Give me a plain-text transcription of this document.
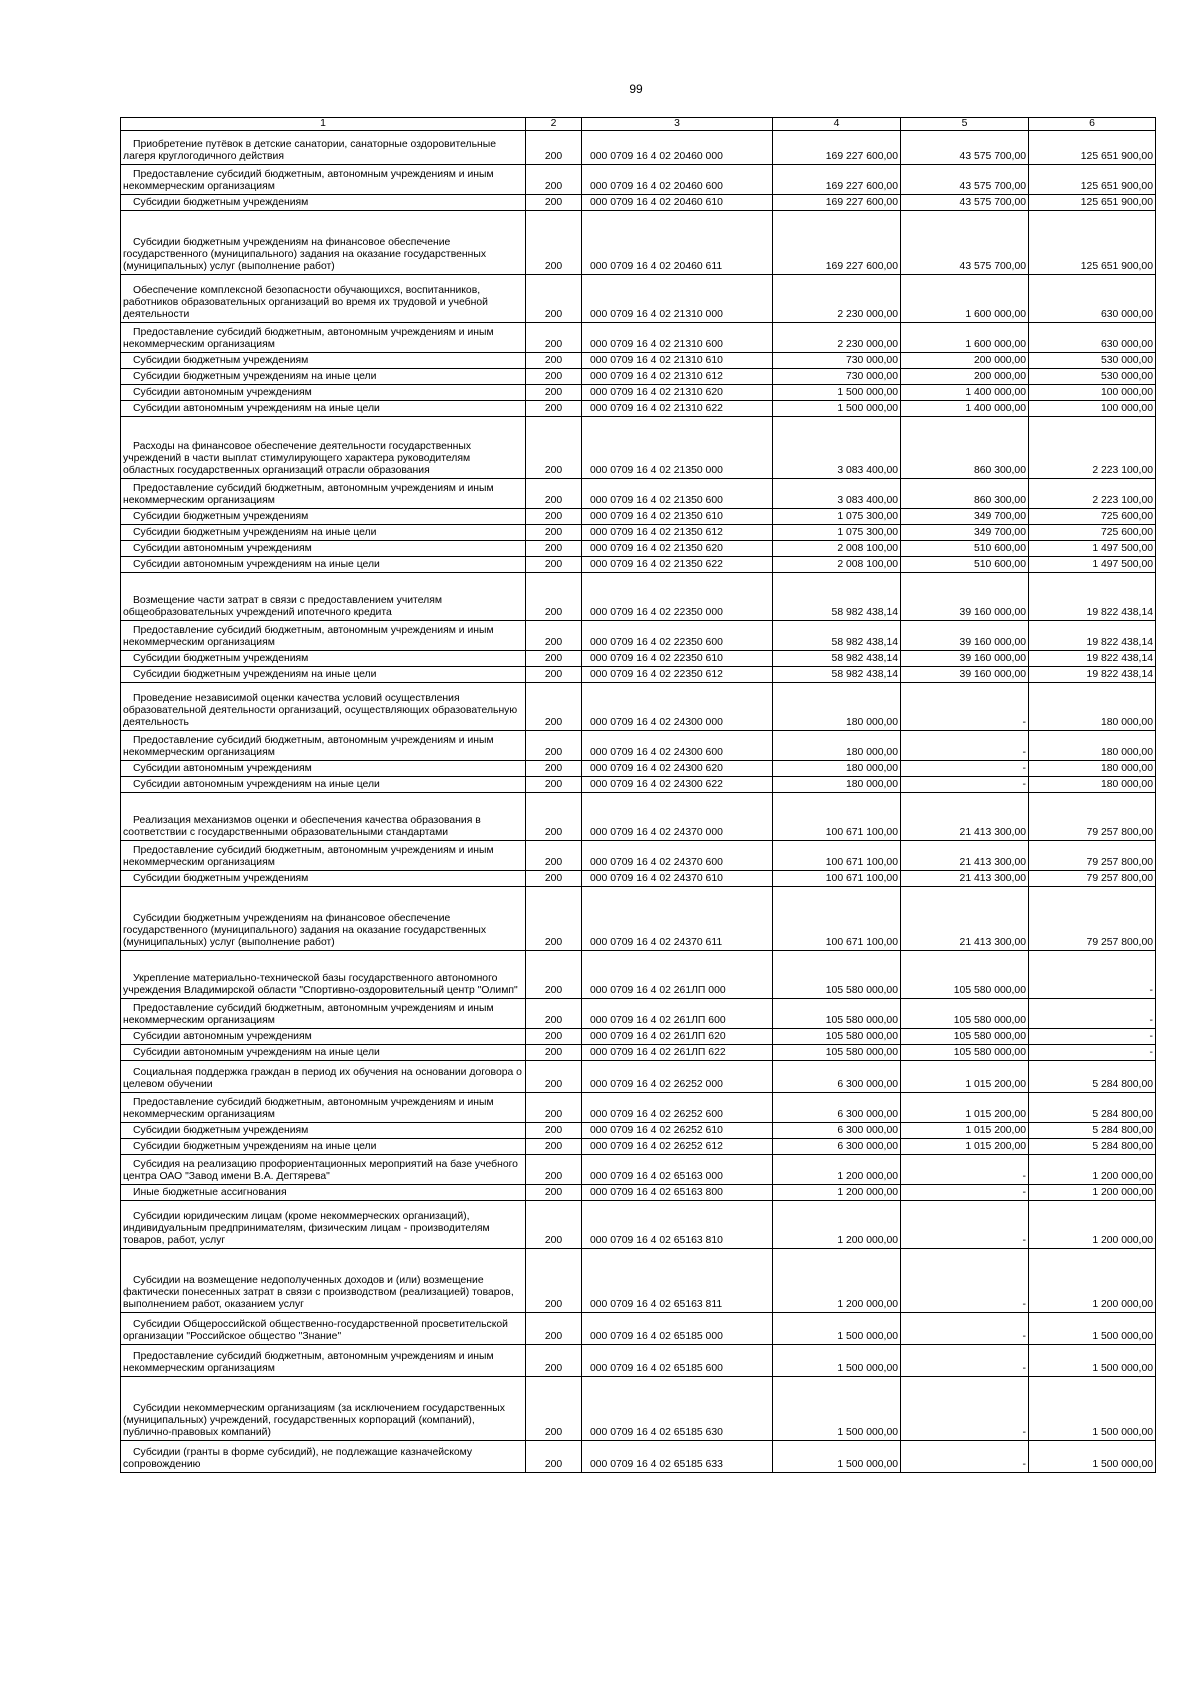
99
1	2	3	4	5	6
Приобретение путёвок в детские санатории, санаторные оздоровительные лагеря круглогодичного действия	200	000 0709 16 4 02 20460 000	169 227 600,00	43 575 700,00	125 651 900,00
Предоставление субсидий бюджетным, автономным учреждениям и иным некоммерческим организациям	200	000 0709 16 4 02 20460 600	169 227 600,00	43 575 700,00	125 651 900,00
Субсидии бюджетным учреждениям	200	000 0709 16 4 02 20460 610	169 227 600,00	43 575 700,00	125 651 900,00
Субсидии бюджетным учреждениям на финансовое обеспечение государственного (муниципального) задания на оказание государственных (муниципальных) услуг (выполнение работ)	200	000 0709 16 4 02 20460 611	169 227 600,00	43 575 700,00	125 651 900,00
Обеспечение комплексной безопасности обучающихся, воспитанников, работников образовательных организаций во время их трудовой и учебной деятельности	200	000 0709 16 4 02 21310 000	2 230 000,00	1 600 000,00	630 000,00
Предоставление субсидий бюджетным, автономным учреждениям и иным некоммерческим организациям	200	000 0709 16 4 02 21310 600	2 230 000,00	1 600 000,00	630 000,00
Субсидии бюджетным учреждениям	200	000 0709 16 4 02 21310 610	730 000,00	200 000,00	530 000,00
Субсидии бюджетным учреждениям на иные цели	200	000 0709 16 4 02 21310 612	730 000,00	200 000,00	530 000,00
Субсидии автономным учреждениям	200	000 0709 16 4 02 21310 620	1 500 000,00	1 400 000,00	100 000,00
Субсидии автономным учреждениям на иные цели	200	000 0709 16 4 02 21310 622	1 500 000,00	1 400 000,00	100 000,00
Расходы на финансовое обеспечение деятельности государственных учреждений в части выплат стимулирующего характера руководителям областных государственных организаций отрасли образования	200	000 0709 16 4 02 21350 000	3 083 400,00	860 300,00	2 223 100,00
Предоставление субсидий бюджетным, автономным учреждениям и иным некоммерческим организациям	200	000 0709 16 4 02 21350 600	3 083 400,00	860 300,00	2 223 100,00
Субсидии бюджетным учреждениям	200	000 0709 16 4 02 21350 610	1 075 300,00	349 700,00	725 600,00
Субсидии бюджетным учреждениям на иные цели	200	000 0709 16 4 02 21350 612	1 075 300,00	349 700,00	725 600,00
Субсидии автономным учреждениям	200	000 0709 16 4 02 21350 620	2 008 100,00	510 600,00	1 497 500,00
Субсидии автономным учреждениям на иные цели	200	000 0709 16 4 02 21350 622	2 008 100,00	510 600,00	1 497 500,00
Возмещение части затрат в связи с предоставлением учителям общеобразовательных учреждений ипотечного кредита	200	000 0709 16 4 02 22350 000	58 982 438,14	39 160 000,00	19 822 438,14
Предоставление субсидий бюджетным, автономным учреждениям и иным некоммерческим организациям	200	000 0709 16 4 02 22350 600	58 982 438,14	39 160 000,00	19 822 438,14
Субсидии бюджетным учреждениям	200	000 0709 16 4 02 22350 610	58 982 438,14	39 160 000,00	19 822 438,14
Субсидии бюджетным учреждениям на иные цели	200	000 0709 16 4 02 22350 612	58 982 438,14	39 160 000,00	19 822 438,14
Проведение независимой оценки качества условий осуществления образовательной деятельности организаций, осуществляющих образовательную деятельность	200	000 0709 16 4 02 24300 000	180 000,00	-	180 000,00
Предоставление субсидий бюджетным, автономным учреждениям и иным некоммерческим организациям	200	000 0709 16 4 02 24300 600	180 000,00	-	180 000,00
Субсидии автономным учреждениям	200	000 0709 16 4 02 24300 620	180 000,00	-	180 000,00
Субсидии автономным учреждениям на иные цели	200	000 0709 16 4 02 24300 622	180 000,00	-	180 000,00
Реализация механизмов оценки и обеспечения качества образования в соответствии с государственными образовательными стандартами	200	000 0709 16 4 02 24370 000	100 671 100,00	21 413 300,00	79 257 800,00
Предоставление субсидий бюджетным, автономным учреждениям и иным некоммерческим организациям	200	000 0709 16 4 02 24370 600	100 671 100,00	21 413 300,00	79 257 800,00
Субсидии бюджетным учреждениям	200	000 0709 16 4 02 24370 610	100 671 100,00	21 413 300,00	79 257 800,00
Субсидии бюджетным учреждениям на финансовое обеспечение государственного (муниципального) задания на оказание государственных (муниципальных) услуг (выполнение работ)	200	000 0709 16 4 02 24370 611	100 671 100,00	21 413 300,00	79 257 800,00
Укрепление материально-технической базы государственного автономного учреждения Владимирской области "Спортивно-оздоровительный центр "Олимп"	200	000 0709 16 4 02 261ЛП 000	105 580 000,00	105 580 000,00	-
Предоставление субсидий бюджетным, автономным учреждениям и иным некоммерческим организациям	200	000 0709 16 4 02 261ЛП 600	105 580 000,00	105 580 000,00	-
Субсидии автономным учреждениям	200	000 0709 16 4 02 261ЛП 620	105 580 000,00	105 580 000,00	-
Субсидии автономным учреждениям на иные цели	200	000 0709 16 4 02 261ЛП 622	105 580 000,00	105 580 000,00	-
Социальная поддержка граждан в период их обучения на основании договора о целевом обучении	200	000 0709 16 4 02 26252 000	6 300 000,00	1 015 200,00	5 284 800,00
Предоставление субсидий бюджетным, автономным учреждениям и иным некоммерческим организациям	200	000 0709 16 4 02 26252 600	6 300 000,00	1 015 200,00	5 284 800,00
Субсидии бюджетным учреждениям	200	000 0709 16 4 02 26252 610	6 300 000,00	1 015 200,00	5 284 800,00
Субсидии бюджетным учреждениям на иные цели	200	000 0709 16 4 02 26252 612	6 300 000,00	1 015 200,00	5 284 800,00
Субсидия на реализацию профориентационных мероприятий на базе учебного центра ОАО "Завод имени В.А. Дегтярева"	200	000 0709 16 4 02 65163 000	1 200 000,00	-	1 200 000,00
Иные бюджетные ассигнования	200	000 0709 16 4 02 65163 800	1 200 000,00	-	1 200 000,00
Субсидии юридическим лицам (кроме некоммерческих организаций), индивидуальным предпринимателям, физическим лицам - производителям товаров, работ, услуг	200	000 0709 16 4 02 65163 810	1 200 000,00	-	1 200 000,00
Субсидии на возмещение недополученных доходов и (или) возмещение фактически понесенных затрат в связи с производством (реализацией) товаров, выполнением работ, оказанием услуг	200	000 0709 16 4 02 65163 811	1 200 000,00	-	1 200 000,00
Субсидии Общероссийской общественно-государственной просветительской организации "Российское общество "Знание"	200	000 0709 16 4 02 65185 000	1 500 000,00	-	1 500 000,00
Предоставление субсидий бюджетным, автономным учреждениям и иным некоммерческим организациям	200	000 0709 16 4 02 65185 600	1 500 000,00	-	1 500 000,00
Субсидии некоммерческим организациям (за исключением государственных (муниципальных) учреждений, государственных корпораций (компаний), публично-правовых компаний)	200	000 0709 16 4 02 65185 630	1 500 000,00	-	1 500 000,00
Субсидии (гранты в форме субсидий), не подлежащие казначейскому сопровождению	200	000 0709 16 4 02 65185 633	1 500 000,00	-	1 500 000,00
